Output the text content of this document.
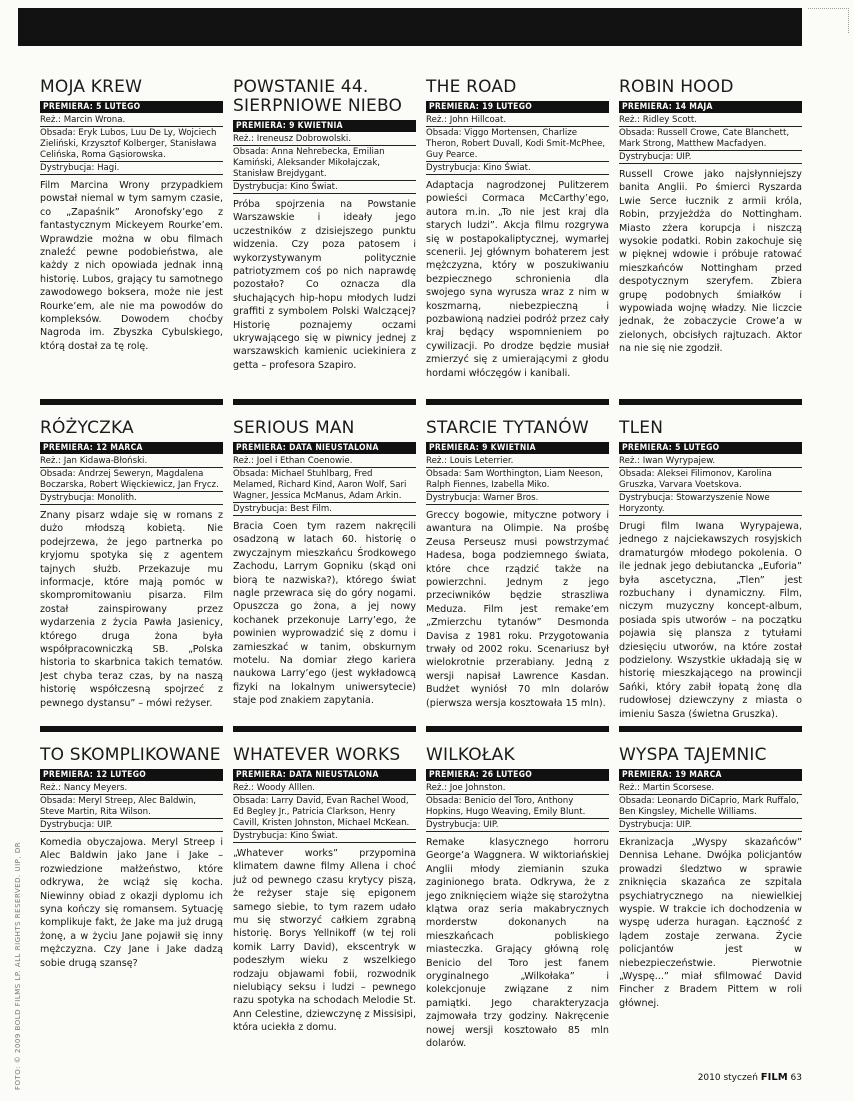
MOJA KREW
PREMIERA: 5 LUTEGO
Reż.: Marcin Wrona.
Obsada: Eryk Lubos, Luu De Ly, Wojciech Zieliński, Krzysztof Kolberger, Stanisława Celińska, Roma Gąsiorowska.
Dystrybucja: Hagi.

Film Marcina Wrony przypadkiem powstał niemal w tym samym czasie, co „Zapaśnik” Aronofsky’ego z fantastycznym Mickeyem Rourke’em. Wprawdzie można w obu filmach znaleźć pewne podobieństwa, ale każdy z nich opowiada jednak inną historię. Lubos, grający tu samotnego zawodowego boksera, może nie jest Rourke’em, ale nie ma powodów do kompleksów. Dowodem choćby Nagroda im. Zbyszka Cybulskiego, którą dostał za tę rolę.

POWSTANIE 44. SIERPNIOWE NIEBO
PREMIERA: 9 KWIETNIA
Reż.: Ireneusz Dobrowolski.
Obsada: Anna Nehrebecka, Emilian Kamiński, Aleksander Mikołajczak, Stanisław Brejdygant.
Dystrybucja: Kino Świat.

Próba spojrzenia na Powstanie Warszawskie i ideały jego uczestników z dzisiejszego punktu widzenia. Czy poza patosem i wykorzystywanym politycznie patriotyzmem coś po nich naprawdę pozostało? Co oznacza dla słuchających hip-hopu młodych ludzi graffiti z symbolem Polski Walczącej? Historię poznajemy oczami ukrywającego się w piwnicy jednej z warszawskich kamienic uciekiniera z getta – profesora Szapiro.

THE ROAD
PREMIERA: 19 LUTEGO
Reż.: John Hillcoat.
Obsada: Viggo Mortensen, Charlize Theron, Robert Duvall, Kodi Smit-McPhee, Guy Pearce.
Dystrybucja: Kino Świat.

Adaptacja nagrodzonej Pulitzerem powieści Cormaca McCarthy’ego, autora m.in. „To nie jest kraj dla starych ludzi”. Akcja filmu rozgrywa się w postapokaliptycznej, wymarłej scenerii. Jej głównym bohaterem jest mężczyzna, który w poszukiwaniu bezpiecznego schronienia dla swojego syna wyrusza wraz z nim w koszmarną, niebezpieczną i pozbawioną nadziei podróż przez cały kraj będący wspomnieniem po cywilizacji. Po drodze będzie musiał zmierzyć się z umierającymi z głodu hordami włóczęgów i kanibali.

ROBIN HOOD
PREMIERA: 14 MAJA
Reż.: Ridley Scott.
Obsada: Russell Crowe, Cate Blanchett, Mark Strong, Matthew Macfadyen.
Dystrybucja: UIP.

Russell Crowe jako najsłynniejszy banita Anglii. Po śmierci Ryszarda Lwie Serce łucznik z armii króla, Robin, przyjeżdża do Nottingham. Miasto zżera korupcja i niszczą wysokie podatki. Robin zakochuje się w pięknej wdowie i próbuje ratować mieszkańców Nottingham przed despotycznym szeryfem. Zbiera grupę podobnych śmiałków i wypowiada wojnę władzy. Nie liczcie jednak, że zobaczycie Crowe’a w zielonych, obcisłych rajtuzach. Aktor na nie się nie zgodził.

RÓŻYCZKA
PREMIERA: 12 MARCA
Reż.: Jan Kidawa-Błoński.
Obsada: Andrzej Seweryn, Magdalena Boczarska, Robert Więckiewicz, Jan Frycz.
Dystrybucja: Monolith.

Znany pisarz wdaje się w romans z dużo młodszą kobietą. Nie podejrzewa, że jego partnerka po kryjomu spotyka się z agentem tajnych służb. Przekazuje mu informacje, które mają pomóc w skompromitowaniu pisarza. Film został zainspirowany przez wydarzenia z życia Pawła Jasienicy, którego druga żona była współpracowniczką SB. „Polska historia to skarbnica takich tematów. Jest chyba teraz czas, by na naszą historię współczesną spojrzeć z pewnego dystansu” – mówi reżyser.

SERIOUS MAN
PREMIERA: DATA NIEUSTALONA
Reż.: Joel i Ethan Coenowie.
Obsada: Michael Stuhlbarg, Fred Melamed, Richard Kind, Aaron Wolf, Sari Wagner, Jessica McManus, Adam Arkin.
Dystrybucja: Best Film.

Bracia Coen tym razem nakręcili osadzoną w latach 60. historię o zwyczajnym mieszkańcu Środkowego Zachodu, Larrym Gopniku (skąd oni biorą te nazwiska?), którego świat nagle przewraca się do góry nogami. Opuszcza go żona, a jej nowy kochanek przekonuje Larry’ego, że powinien wyprowadzić się z domu i zamieszkać w tanim, obskurnym motelu. Na domiar złego kariera naukowa Larry’ego (jest wykładowcą fizyki na lokalnym uniwersytecie) staje pod znakiem zapytania.

STARCIE TYTANÓW
PREMIERA: 9 KWIETNIA
Reż.: Louis Leterrier.
Obsada: Sam Worthington, Liam Neeson, Ralph Fiennes, Izabella Miko.
Dystrybucja: Warner Bros.

Greccy bogowie, mityczne potwory i awantura na Olimpie. Na prośbę Zeusa Perseusz musi powstrzymać Hadesa, boga podziemnego świata, które chce rządzić także na powierzchni. Jednym z jego przeciwników będzie straszliwa Meduza. Film jest remake’em „Zmierzchu tytanów” Desmonda Davisa z 1981 roku. Przygotowania trwały od 2002 roku. Scenariusz był wielokrotnie przerabiany. Jedną z wersji napisał Lawrence Kasdan. Budżet wyniósł 70 mln dolarów (pierwsza wersja kosztowała 15 mln).

TLEN
PREMIERA: 5 LUTEGO
Reż.: Iwan Wyrypajew.
Obsada: Aleksei Filimonov, Karolina Gruszka, Varvara Voetskova.
Dystrybucja: Stowarzyszenie Nowe Horyzonty.

Drugi film Iwana Wyrypajewa, jednego z najciekawszych rosyjskich dramaturgów młodego pokolenia. O ile jednak jego debiutancka „Euforia” była ascetyczna, „Tlen” jest rozbuchany i dynamiczny. Film, niczym muzyczny koncept-album, posiada spis utworów – na początku pojawia się plansza z tytułami dziesięciu utworów, na które został podzielony. Wszystkie układają się w historię mieszkającego na prowincji Sańki, który zabił łopatą żonę dla rudowłosej dziewczyny z miasta o imieniu Sasza (świetna Gruszka).

TO SKOMPLIKOWANE
PREMIERA: 12 LUTEGO
Reż.: Nancy Meyers.
Obsada: Meryl Streep, Alec Baldwin, Steve Martin, Rita Wilson.
Dystrybucja: UIP.

Komedia obyczajowa. Meryl Streep i Alec Baldwin jako Jane i Jake – rozwiedzione małżeństwo, które odkrywa, że wciąż się kocha. Niewinny obiad z okazji dyplomu ich syna kończy się romansem. Sytuację komplikuje fakt, że Jake ma już drugą żonę, a w życiu Jane pojawił się inny mężczyzna. Czy Jane i Jake dadzą sobie drugą szansę?

WHATEVER WORKS
PREMIERA: DATA NIEUSTALONA
Reż.: Woody Alllen.
Obsada: Larry David, Evan Rachel Wood, Ed Begley Jr., Patricia Clarkson, Henry Cavill, Kristen Johnston, Michael McKean.
Dystrybucja: Kino Świat.

„Whatever works” przypomina klimatem dawne filmy Allena i choć już od pewnego czasu krytycy piszą, że reżyser staje się epigonem samego siebie, to tym razem udało mu się stworzyć całkiem zgrabną historię. Borys Yellnikoff (w tej roli komik Larry David), ekscentryk w podeszłym wieku z wszelkiego rodzaju objawami fobii, rozwodnik nielubiący seksu i ludzi – pewnego razu spotyka na schodach Melodie St. Ann Celestine, dziewczynę z Missisipi, która uciekła z domu.

WILKOŁAK
PREMIERA: 26 LUTEGO
Reż.: Joe Johnston.
Obsada: Benicio del Toro, Anthony Hopkins, Hugo Weaving, Emily Blunt.
Dystrybucja: UIP.

Remake klasycznego horroru George’a Waggnera. W wiktoriańskiej Anglii młody ziemianin szuka zaginionego brata. Odkrywa, że z jego zniknięciem wiąże się starożytna klątwa oraz seria makabrycznych morderstw dokonanych na mieszkańcach pobliskiego miasteczka. Grający główną rolę Benicio del Toro jest fanem oryginalnego „Wilkołaka” i kolekcjonuje związane z nim pamiątki. Jego charakteryzacja zajmowała trzy godziny. Nakręcenie nowej wersji kosztowało 85 mln dolarów.

WYSPA TAJEMNIC
PREMIERA: 19 MARCA
Reż.: Martin Scorsese.
Obsada: Leonardo DiCaprio, Mark Ruffalo, Ben Kingsley, Michelle Williams.
Dystrybucja: UIP.

Ekranizacja „Wyspy skazańców” Dennisa Lehane. Dwójka policjantów prowadzi śledztwo w sprawie zniknięcia skazańca ze szpitala psychiatrycznego na niewielkiej wyspie. W trakcie ich dochodzenia w wyspę uderza huragan. Łączność z lądem zostaje zerwana. Życie policjantów jest w niebezpieczeństwie. Pierwotnie „Wyspę...” miał sfilmować David Fincher z Bradem Pittem w roli głównej.

FOTO: © 2009 BOLD FILMS LP. ALL RIGHTS RESERVED. UIP, DR	2010 styczeń FILM 63
